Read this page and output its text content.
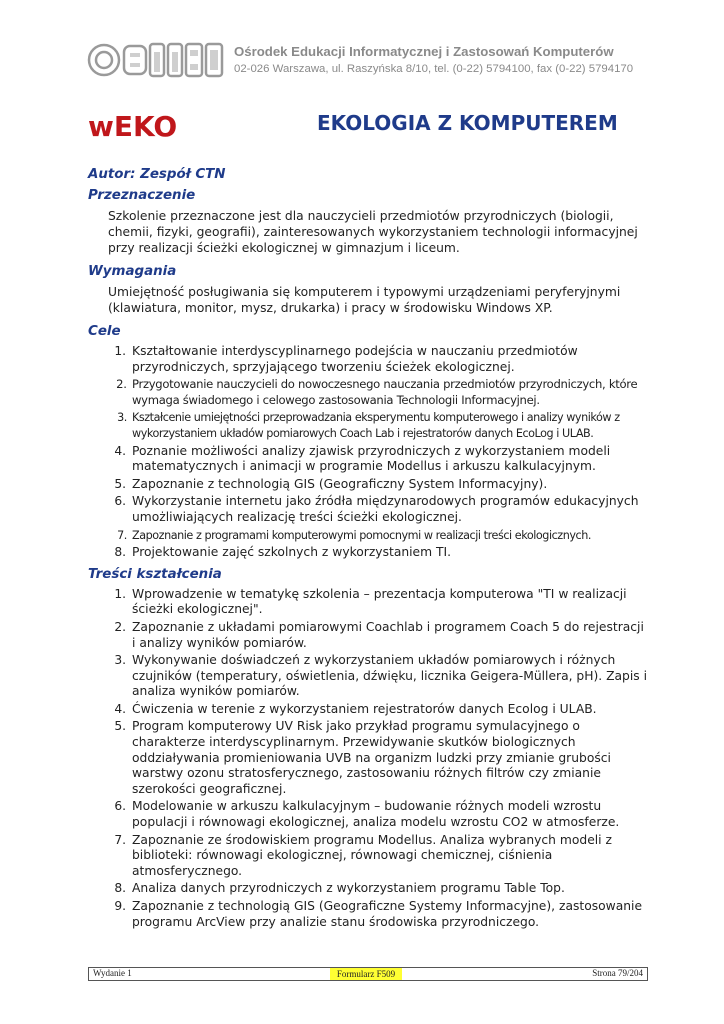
Ośrodek Edukacji Informatycznej i Zastosowań Komputerów
02-026 Warszawa, ul. Raszyńska 8/10, tel. (0-22) 5794100, fax (0-22) 5794170
wEKO	EKOLOGIA Z KOMPUTEREM
Autor: Zespół CTN
Przeznaczenie

Szkolenie przeznaczone jest dla nauczycieli przedmiotów przyrodniczych (biologii, chemii, fizyki, geografii), zainteresowanych wykorzystaniem technologii informacyjnej przy realizacji ścieżki ekologicznej w gimnazjum i liceum.

Wymagania

Umiejętność posługiwania się komputerem i typowymi urządzeniami peryferyjnymi (klawiatura, monitor, mysz, drukarka) i pracy w środowisku Windows XP.

Cele
1. Kształtowanie interdyscyplinarnego podejścia w nauczaniu przedmiotów przyrodniczych, sprzyjającego tworzeniu ścieżek ekologicznej.
2. Przygotowanie nauczycieli do nowoczesnego nauczania przedmiotów przyrodniczych, które wymaga świadomego i celowego zastosowania Technologii Informacyjnej.
3. Kształcenie umiejętności przeprowadzania eksperymentu komputerowego i analizy wyników z wykorzystaniem układów pomiarowych Coach Lab i rejestratorów danych EcoLog i ULAB.
4. Poznanie możliwości analizy zjawisk przyrodniczych z wykorzystaniem modeli matematycznych i animacji w programie Modellus i arkuszu kalkulacyjnym.
5. Zapoznanie z technologią GIS (Geograficzny System Informacyjny).
6. Wykorzystanie internetu jako źródła międzynarodowych programów edukacyjnych umożliwiających realizację treści ścieżki ekologicznej.
7. Zapoznanie z programami komputerowymi pomocnymi w realizacji treści ekologicznych.
8. Projektowanie zajęć szkolnych z wykorzystaniem TI.
Treści kształcenia
1. Wprowadzenie w tematykę szkolenia – prezentacja komputerowa "TI w realizacji ścieżki ekologicznej".
2. Zapoznanie z układami pomiarowymi Coachlab i programem Coach 5 do rejestracji i analizy wyników pomiarów.
3. Wykonywanie doświadczeń z wykorzystaniem układów pomiarowych i różnych czujników (temperatury, oświetlenia, dźwięku, licznika Geigera-Müllera, pH). Zapis i analiza wyników pomiarów.
4. Ćwiczenia w terenie z wykorzystaniem rejestratorów danych Ecolog i ULAB.
5. Program komputerowy UV Risk jako przykład programu symulacyjnego o charakterze interdyscyplinarnym. Przewidywanie skutków biologicznych oddziaływania promieniowania UVB na organizm ludzki przy zmianie grubości warstwy ozonu stratosferycznego, zastosowaniu różnych filtrów czy zmianie szerokości geograficznej.
6. Modelowanie w arkuszu kalkulacyjnym – budowanie różnych modeli wzrostu populacji i równowagi ekologicznej, analiza modelu wzrostu CO2 w atmosferze.
7. Zapoznanie ze środowiskiem programu Modellus. Analiza wybranych modeli z biblioteki: równowagi ekologicznej, równowagi chemicznej, ciśnienia atmosferycznego.
8. Analiza danych przyrodniczych z wykorzystaniem programu Table Top.
9. Zapoznanie z technologią GIS (Geograficzne Systemy Informacyjne), zastosowanie programu ArcView przy analizie stanu środowiska przyrodniczego.
Wydanie 1	Formularz F509	Strona 79/204
